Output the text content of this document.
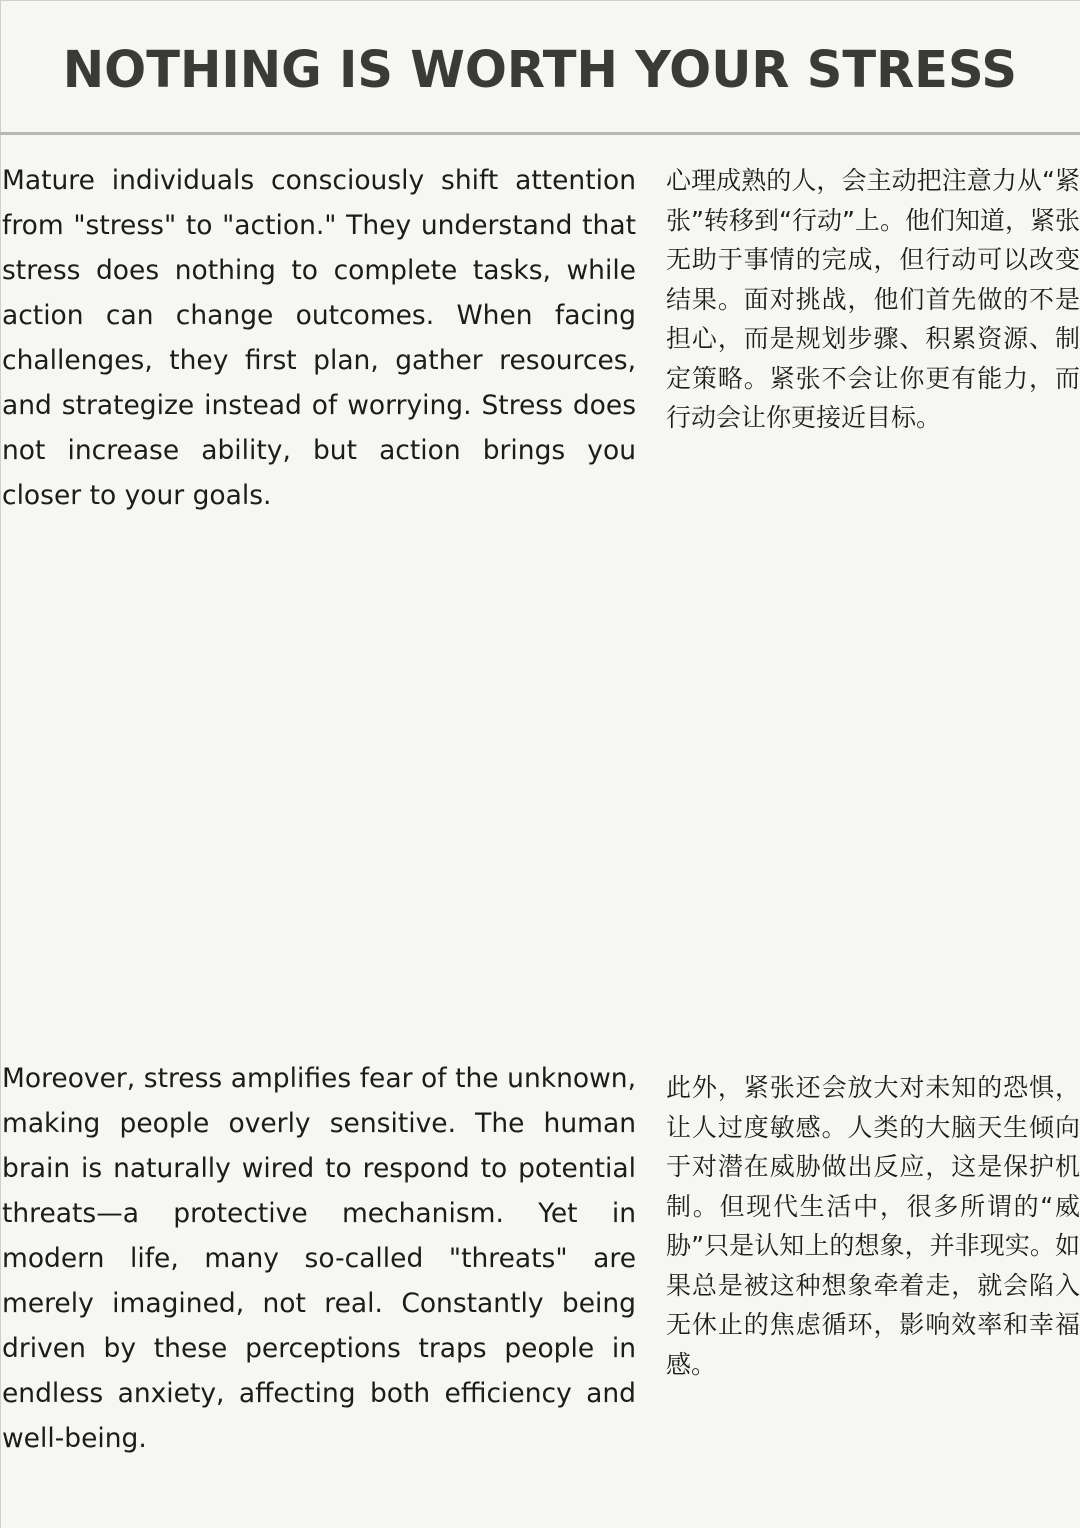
NOTHING IS WORTH YOUR STRESS

Mature individuals consciously shift attention from "stress" to "action." They understand that stress does nothing to complete tasks, while action can change outcomes. When facing challenges, they first plan, gather resources, and strategize instead of worrying. Stress does not increase ability, but action brings you closer to your goals.

心理成熟的人，会主动把注意力从“紧张”转移到“行动”上。他们知道，紧张无助于事情的完成，但行动可以改变结果。面对挑战，他们首先做的不是担心，而是规划步骤、积累资源、制定策略。紧张不会让你更有能力，而行动会让你更接近目标。

Moreover, stress amplifies fear of the unknown, making people overly sensitive. The human brain is naturally wired to respond to potential threats—a protective mechanism. Yet in modern life, many so-called "threats" are merely imagined, not real. Constantly being driven by these perceptions traps people in endless anxiety, affecting both efficiency and well-being.

此外，紧张还会放大对未知的恐惧，让人过度敏感。人类的大脑天生倾向于对潜在威胁做出反应，这是保护机制。但现代生活中，很多所谓的“威胁”只是认知上的想象，并非现实。如果总是被这种想象牵着走，就会陷入无休止的焦虑循环，影响效率和幸福感。
